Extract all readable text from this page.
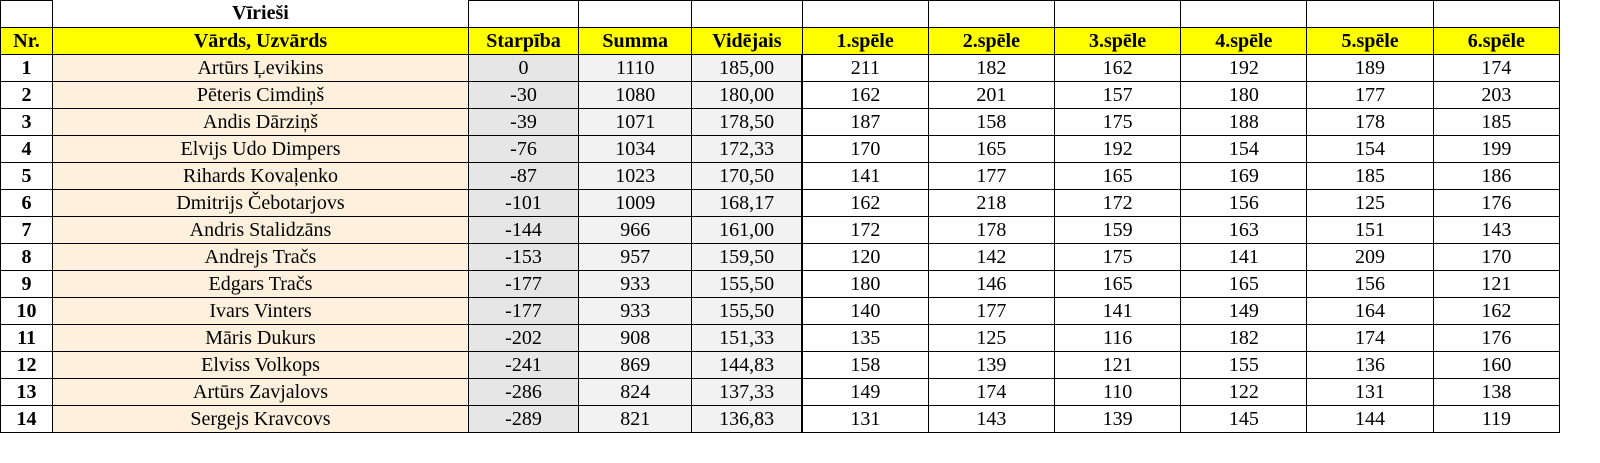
	Vīrieši									
Nr.	Vārds, Uzvārds	Starpība	Summa	Vidējais	1.spēle	2.spēle	3.spēle	4.spēle	5.spēle	6.spēle
1	Artūrs Ļevikins	0	1110	185,00	211	182	162	192	189	174
2	Pēteris Cimdiņš	-30	1080	180,00	162	201	157	180	177	203
3	Andis Dārziņš	-39	1071	178,50	187	158	175	188	178	185
4	Elvijs Udo Dimpers	-76	1034	172,33	170	165	192	154	154	199
5	Rihards Kovaļenko	-87	1023	170,50	141	177	165	169	185	186
6	Dmitrijs Čebotarjovs	-101	1009	168,17	162	218	172	156	125	176
7	Andris Stalidzāns	-144	966	161,00	172	178	159	163	151	143
8	Andrejs Tračs	-153	957	159,50	120	142	175	141	209	170
9	Edgars Tračs	-177	933	155,50	180	146	165	165	156	121
10	Ivars Vinters	-177	933	155,50	140	177	141	149	164	162
11	Māris Dukurs	-202	908	151,33	135	125	116	182	174	176
12	Elviss Volkops	-241	869	144,83	158	139	121	155	136	160
13	Artūrs Zavjalovs	-286	824	137,33	149	174	110	122	131	138
14	Sergejs Kravcovs	-289	821	136,83	131	143	139	145	144	119
